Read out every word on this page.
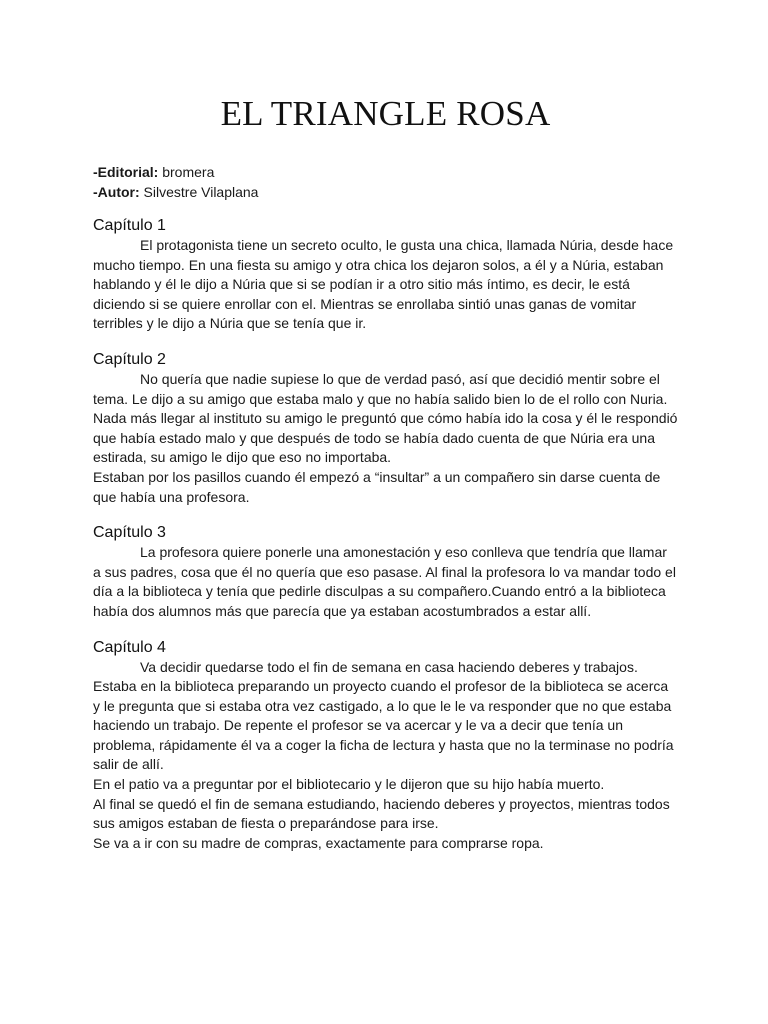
EL TRIANGLE ROSA
-Editorial: bromera
-Autor: Silvestre Vilaplana
Capítulo 1

El protagonista tiene un secreto oculto, le gusta una chica, llamada Núria, desde hace mucho tiempo. En una fiesta su amigo y otra chica los dejaron solos, a él y a Núria, estaban hablando y él le dijo a Núria que si se podían ir a otro sitio más íntimo, es decir, le está diciendo si se quiere enrollar con el. Mientras se enrollaba sintió unas ganas de vomitar terribles y le dijo a Núria que se tenía que ir.

Capítulo 2

No quería que nadie supiese lo que de verdad pasó, así que decidió mentir sobre el tema. Le dijo a su amigo que estaba malo y que no había salido bien lo de el rollo con Nuria.

Nada más llegar al instituto su amigo le preguntó que cómo había ido la cosa y él le respondió que había estado malo y que después de todo se había dado cuenta de que Núria era una estirada, su amigo le dijo que eso no importaba.

Estaban por los pasillos cuando él empezó a “insultar” a un compañero sin darse cuenta de que había una profesora.

Capítulo 3

La profesora quiere ponerle una amonestación y eso conlleva que tendría que llamar a sus padres, cosa que él no quería que eso pasase. Al final la profesora lo va mandar todo el día a la biblioteca y tenía que pedirle disculpas a su compañero.Cuando entró a la biblioteca había dos alumnos más que parecía que ya estaban acostumbrados a estar allí.

Capítulo 4

Va decidir quedarse todo el fin de semana en casa haciendo deberes y trabajos. Estaba en la biblioteca preparando un proyecto cuando el profesor de la biblioteca se acerca y le pregunta que si estaba otra vez castigado, a lo que le le va responder que no que estaba haciendo un trabajo. De repente el profesor se va acercar y le va a decir que tenía un problema, rápidamente él va a coger la ficha de lectura y hasta que no la terminase no podría salir de allí.

En el patio va a preguntar por el bibliotecario y le dijeron que su hijo había muerto.

Al final se quedó el fin de semana estudiando, haciendo deberes y proyectos, mientras todos sus amigos estaban de fiesta o preparándose para irse.

Se va a ir con su madre de compras, exactamente para comprarse ropa.
